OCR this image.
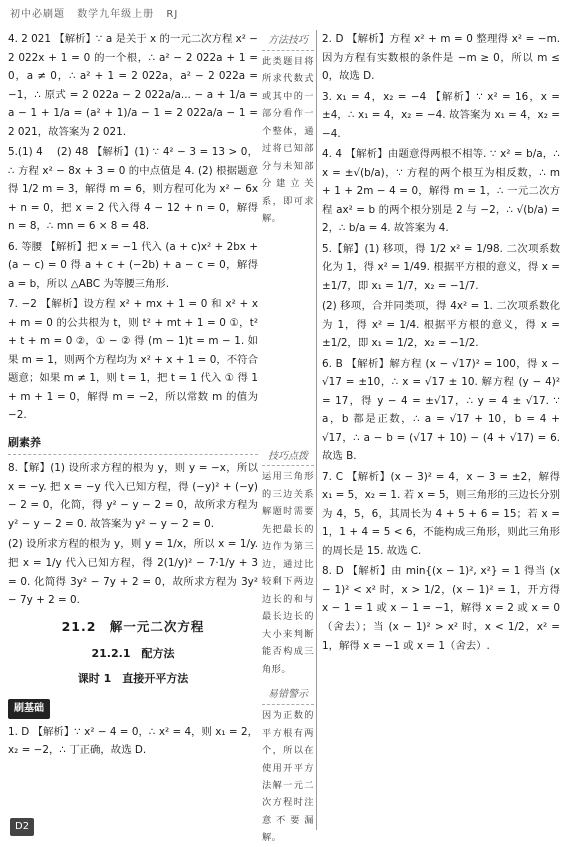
初中必刷题 数学九年级上册 RJ

4. 2 021 【解析】∵ a 是关于 x 的一元二次方程 x² − 2 022x + 1 = 0 的一个根，∴ a² − 2 022a + 1 = 0，a ≠ 0，∴ a² + 1 = 2 022a，a² − 2 022a = −1，∴ 原式 = 2 022a − 2 022a/a... − a + 1/a = a − 1 + 1/a = (a² + 1)/a − 1 = 2 022a/a − 1 = 2 021，故答案为 2 021.

5.(1) 4 　(2) 48 【解析】(1) ∵ 4² − 3 = 13 > 0，∴ 方程 x² − 8x + 3 = 0 的中点值是 4. (2) 根据题意得 1/2 m = 3，解得 m = 6，则方程可化为 x² − 6x + n = 0，把 x = 2 代入得 4 − 12 + n = 0，解得 n = 8，∴ mn = 6 × 8 = 48.

6. 等腰 【解析】把 x = −1 代入 (a + c)x² + 2bx + (a − c) = 0 得 a + c + (−2b) + a − c = 0，解得 a = b，所以 △ABC 为等腰三角形.

7. −2 【解析】设方程 x² + mx + 1 = 0 和 x² + x + m = 0 的公共根为 t，则 t² + mt + 1 = 0 ①，t² + t + m = 0 ②，① − ② 得 (m − 1)t = m − 1. 如果 m = 1，则两个方程均为 x² + x + 1 = 0，不符合题意；如果 m ≠ 1，则 t = 1，把 t = 1 代入 ① 得 1 + m + 1 = 0，解得 m = −2，所以常数 m 的值为 −2.

刷素养

8.【解】(1) 设所求方程的根为 y，则 y = −x，所以 x = −y. 把 x = −y 代入已知方程，得 (−y)² + (−y) − 2 = 0，化简，得 y² − y − 2 = 0，故所求方程为 y² − y − 2 = 0. 故答案为 y² − y − 2 = 0.

(2) 设所求方程的根为 y，则 y = 1/x，所以 x = 1/y. 把 x = 1/y 代入已知方程，得 2(1/y)² − 7·1/y + 3 = 0. 化简得 3y² − 7y + 2 = 0，故所求方程为 3y² − 7y + 2 = 0.

21.2　解一元二次方程
21.2.1　配方法
课时 1　直接开平方法
刷基础

1. D 【解析】∵ x² − 4 = 0，∴ x² = 4，则 x₁ = 2，x₂ = −2，∴ 丁正确，故选 D.

方法技巧
此类题目将所求代数式或其中的一部分看作一个整体，通过将已知部分与未知部分建立关系，即可求解。
技巧点拨
运用三角形的三边关系解题时需要先把最长的边作为第三边，通过比较剩下两边边长的和与最长边长的大小来判断能否构成三角形。
易错警示
因为正数的平方根有两个，所以在使用开平方法解一元二次方程时注意不要漏解。

2. D 【解析】方程 x² + m = 0 整理得 x² = −m. 因为方程有实数根的条件是 −m ≥ 0，所以 m ≤ 0，故选 D.

3. x₁ = 4，x₂ = −4 【解析】∵ x² = 16，x = ±4，∴ x₁ = 4，x₂ = −4. 故答案为 x₁ = 4，x₂ = −4.

4. 4 【解析】由题意得两根不相等. ∵ x² = b/a，∴ x = ±√(b/a)，∵ 方程的两个根互为相反数，∴ m + 1 + 2m − 4 = 0，解得 m = 1，∴ 一元二次方程 ax² = b 的两个根分别是 2 与 −2，∴ √(b/a) = 2，∴ b/a = 4. 故答案为 4.

5.【解】(1) 移项，得 1/2 x² = 1/98. 二次项系数化为 1，得 x² = 1/49. 根据平方根的意义，得 x = ±1/7，即 x₁ = 1/7，x₂ = −1/7.

(2) 移项，合并同类项，得 4x² = 1. 二次项系数化为 1，得 x² = 1/4. 根据平方根的意义，得 x = ±1/2，即 x₁ = 1/2，x₂ = −1/2.

6. B 【解析】解方程 (x − √17)² = 100，得 x − √17 = ±10，∴ x = √17 ± 10. 解方程 (y − 4)² = 17，得 y − 4 = ±√17，∴ y = 4 ± √17. ∵ a，b 都是正数，∴ a = √17 + 10，b = 4 + √17，∴ a − b = (√17 + 10) − (4 + √17) = 6. 故选 B.

7. C 【解析】(x − 3)² = 4，x − 3 = ±2，解得 x₁ = 5，x₂ = 1. 若 x = 5，则三角形的三边长分别为 4，5，6，其周长为 4 + 5 + 6 = 15；若 x = 1，1 + 4 = 5 < 6，不能构成三角形，则此三角形的周长是 15. 故选 C.

8. D 【解析】由 min{(x − 1)², x²} = 1 得当 (x − 1)² < x² 时，x > 1/2，(x − 1)² = 1，开方得 x − 1 = 1 或 x − 1 = −1，解得 x = 2 或 x = 0（舍去）；当 (x − 1)² > x² 时，x < 1/2，x² = 1，解得 x = −1 或 x = 1（舍去）.

D2
